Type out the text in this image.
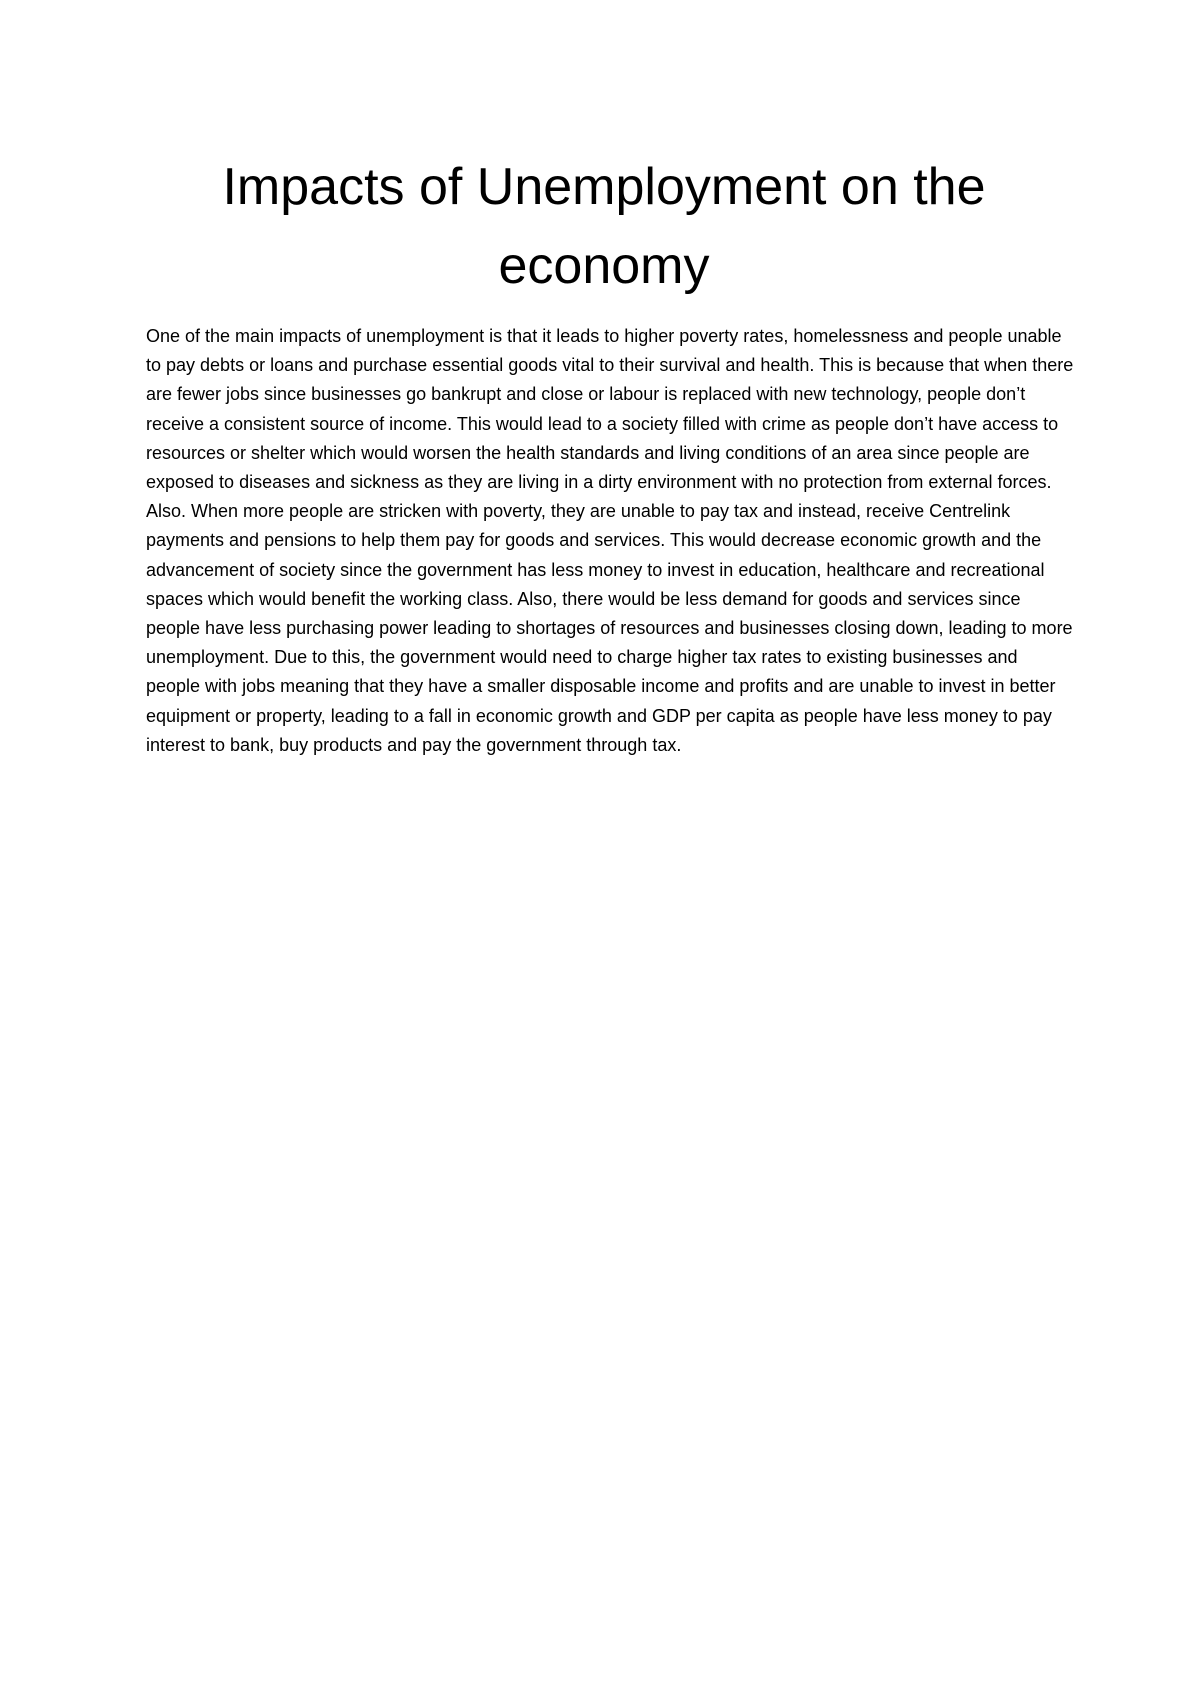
Impacts of Unemployment on the economy

One of the main impacts of unemployment is that it leads to higher poverty rates, homelessness and people unable to pay debts or loans and purchase essential goods vital to their survival and health. This is because that when there are fewer jobs since businesses go bankrupt and close or labour is replaced with new technology, people don’t receive a consistent source of income. This would lead to a society filled with crime as people don’t have access to resources or shelter which would worsen the health standards and living conditions of an area since people are exposed to diseases and sickness as they are living in a dirty environment with no protection from external forces. Also. When more people are stricken with poverty, they are unable to pay tax and instead, receive Centrelink payments and pensions to help them pay for goods and services. This would decrease economic growth and the advancement of society since the government has less money to invest in education, healthcare and recreational spaces which would benefit the working class. Also, there would be less demand for goods and services since people have less purchasing power leading to shortages of resources and businesses closing down, leading to more unemployment. Due to this, the government would need to charge higher tax rates to existing businesses and people with jobs meaning that they have a smaller disposable income and profits and are unable to invest in better equipment or property, leading to a fall in economic growth and GDP per capita as people have less money to pay interest to bank, buy products and pay the government through tax.
